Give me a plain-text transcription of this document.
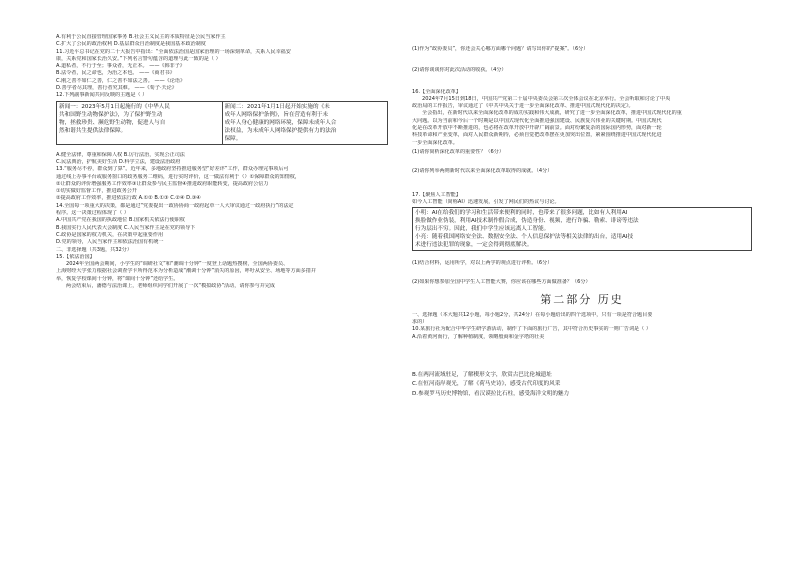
A.有利于公民直接管理国家事务 B.社会主义民主的本质特征是公民当家作主

C.扩大了公民的政治权利 D.基层群众自治制度是我国基本政治制度

11.习近平总书记在党的二十大报告中指出：“全面依法治国是国家治理的一场深刻革命，关系人民幸福安

康，关系党和国家长治久安。”下列名言警句蕴含的道理与此一致的是（ ）

A.道私者，不行于至；事众者，无正本。 ——《韩非子》

B.法令者，民之命也，为治之本也。 ——《商君书》

C.刚之善不如仁之善，仁之善不如法之善。 ——《论语》

D.善学者尽其理，善行者究其难。 ——《荀子·天论》

12.下列副事新闻共同反映的主题是（ ）

新闻一：2023年5月1日起施行的《中华人民

共和国野生动物保护法》，为了保护野生动

物，拯救珍贵、濒危野生动物，促进人与自

然和谐共生提供法律保障。

新闻二：2021年1月1日起开始实施的《未

成年人网络保护条例》，旨在营造有利于未

成年人身心健康的网络环境，保障未成年人合

法权益，为未成年人网络保护提供有力的法治

保障。

A.健全法律，尊重和保障人权 B.厉行法治，实现公正司法

C.民法典治，护航美好生活 D.科学立法，建设法治政府

13.“服务尽不停，群众到了算”。近年来，多地政府坚持推进服务型“好差评”工作，群众办理完事项后可

通过线上办事平台或服务窗口的政务服务二维码，进行实时评价，这一做法有利于（）①保障群众的知情权，

②让群众的评价增强服务工作效率③让群众参与民主监督④推进政府职能转变，提高政府公信力

①切实做好监督工作，推进政务公开

②提高政府工作效率，推进依法行政 A.①② B.①③ C.②④ D.③④

14.全国每一项重大的决策，都是通过“党委提出一政协协商一政府起草一人大审议通过一政府执行”的法定

程序。这一决策过程体现了（ ）

A.中国共产党在我国的执政地位 B.国家机关依法行使职权

B.我国实行人民代表大会制度 C.人民当家作主是在党的领导下

C.政协是国家的权力机关，在决策中起重要作用

D.党的领导，人民当家作主和依法治国有机统一

二、非选择题（共3题，共32分）

15.【依法治国】

2024年全国两会期间，小学生的“调研社文”和“潮调十分钟”一度登上话题热搜榜，全国两协委员、

上海财经大学张力根据社会调查学卡所得范本为分析造成“潮调十分钟”消失的原因，呼吁从安全、场地等方面多措并

举，恢复学校课间十分钟，将“课间十分钟”还给学生。

两会结束后，潘德与法治课上，老师组织同学们开展了一次“模拟政协”活动，请你参与并完成

(1)作为“政协委员”，你还会关心哪方面哪个问题？请写出你的“提案”。（6分）

(2)请你谈谈你对此次活动的收获。（4分）

16.【全面深化改革】

2024年7月15日到18日，中国共产党第二十届中央委员会第三次全体会议在北京举行。全会听取和讨论了中央

政治局的工作报告，审议通过了《中共中央关于进一步全面深化改革、推进中国式现代化的决定》。

全会指出，在新时代以来全面深化改革的成功实践和伟大成就，研究了进一步全面深化改革，推进中国式现代化的重

大问题。以为当前和今后一个时期是以中国式现代化全面推进强国建设、民族复兴伟业的关键时期。中国式现代

化是在改革开放中不断推进的，也必将在改革开放中开辟广阔前景。面对纷繁复杂的国际国内形势，面对新一轮

科技革命和产业变革，面对人民群众新期待，必须自觉把改革摆在更加突出位置，紧紧围绕推进中国式现代化进

一步全面深化改革。

(1)请你简析深化改革的重要性？（6分）

(2)请你列举两则新时代以来全面深化改革取得的成就。（4分）

17.【聚焦人工智能】

如今人工智能（简称AI）迅速发展，引发了网民们的热议与讨论。

小明：AI在给我们的学习和生活带来便利的同时，也带来了很多问题，比如有人利用AI

换脸做作业伪装，利用AI技术制作假合成，伪造身份、视频，进行诈骗、勒索、诽谤等违法

行为层出不穷。因此，我们中学生应该远离人工智能。

小亮：随着我国网络安全法、数据安全法、个人信息保护法等相关法律的出台，适用AI技

术进行违法犯罪的现象，一定会得到彻底解决。

(1)结合材料，运用所学，对以上两学的观点进行评析。（6分）

(2)如果你想参加全国中学生人工智能大赛，你应该在哪些方面做准备？（6分）

第二部分 历史

一、选择题（本大题共12小题，每小题2分，共24分）在每小题给出的四个选项中，只有一项是符合题目要

求的）

10.某旅行社为配合中华学生研学游活动，制作了下面的旅行广告，其中符合历史事实的一则广告词是（ ）

A.沿着黄河而行，了解种植制度，领略殷商和金字塔的壮美

B.在两河流域驻足，了解楔形文字，欣赏古巴比伦城遗址

C.在恒河南岸观光，了解《荷马史诗》，感受古代印度的风采

D.参观罗马历史博物馆，看汉谟拉比石柱，感受海洋文明的魅力
